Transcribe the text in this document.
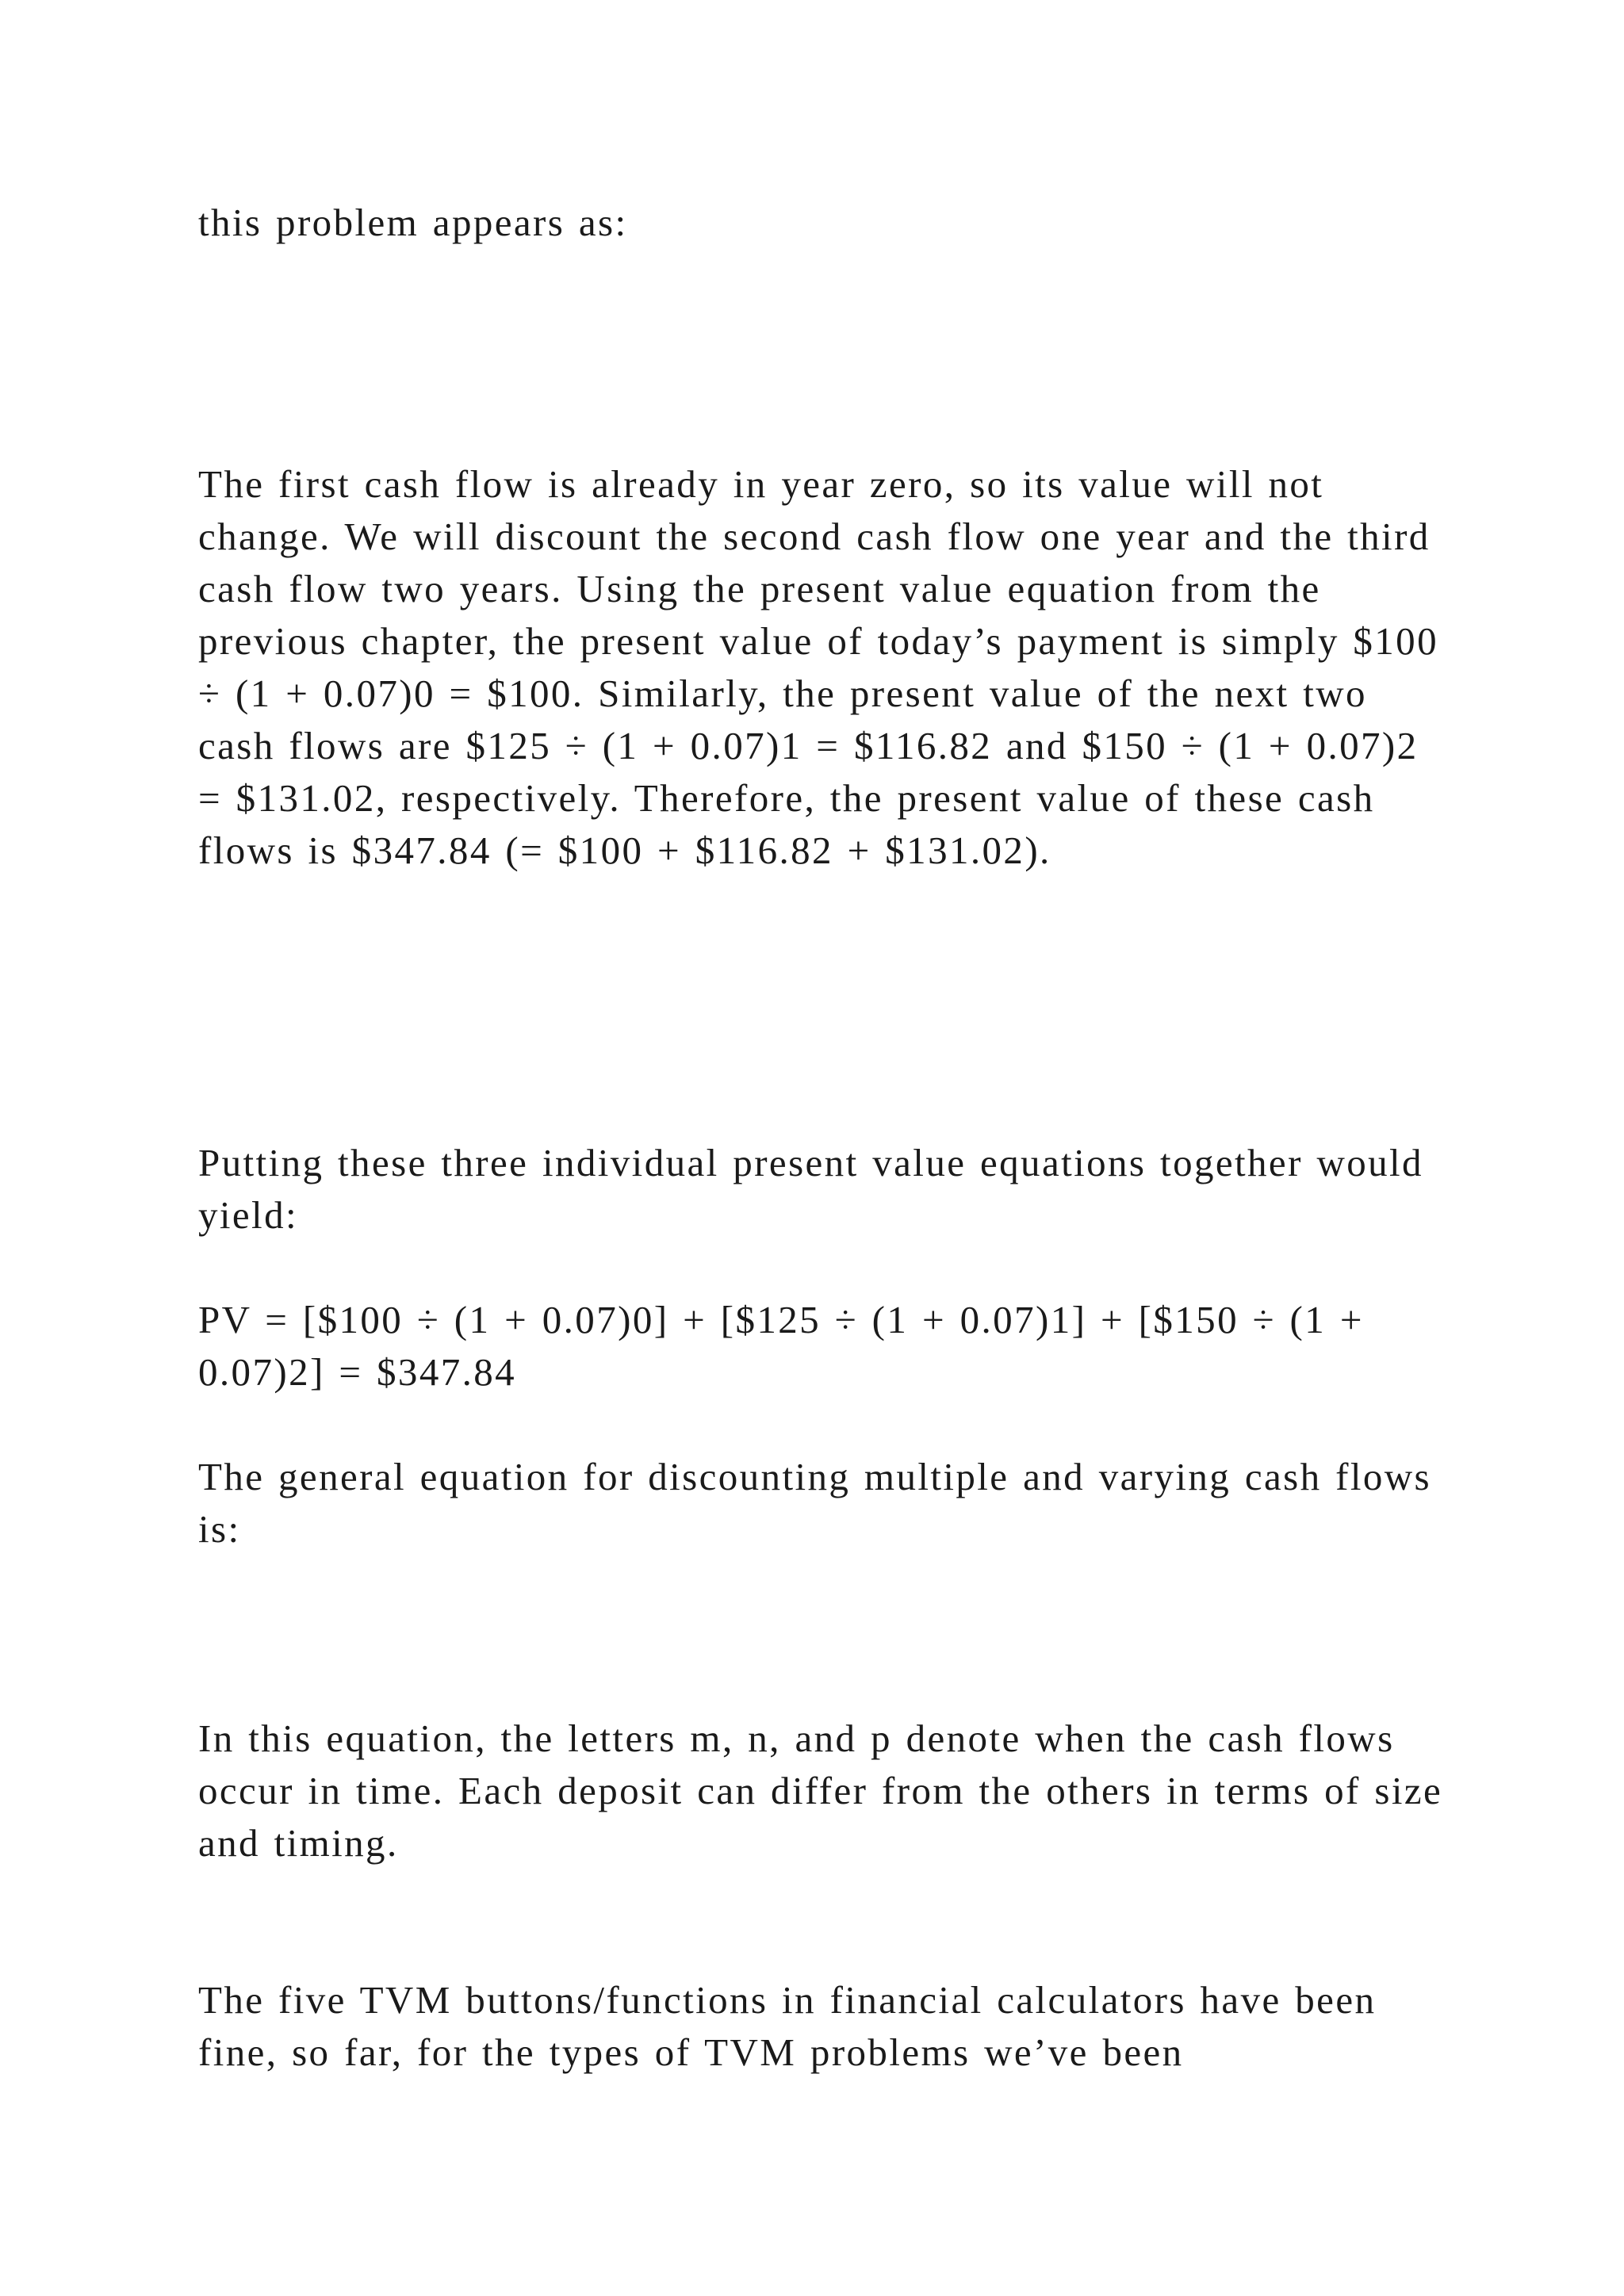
this problem appears as:

The first cash flow is already in year zero, so its value will not change. We will discount the second cash flow one year and the third cash flow two years. Using the present value equation from the previous chapter, the present value of today’s payment is simply $100 ÷ (1 + 0.07)0 = $100. Similarly, the present value of the next two cash flows are $125 ÷ (1 + 0.07)1 = $116.82 and $150 ÷ (1 + 0.07)2 = $131.02, respectively. Therefore, the present value of these cash flows is $347.84 (= $100 + $116.82 + $131.02).

Putting these three individual present value equations together would yield:

PV = [$100 ÷ (1 + 0.07)0] + [$125 ÷ (1 + 0.07)1] + [$150 ÷ (1 + 0.07)2] = $347.84

The general equation for discounting multiple and varying cash flows is:

In this equation, the letters m, n, and p denote when the cash flows occur in time. Each deposit can differ from the others in terms of size and timing.

The five TVM buttons/functions in financial calculators have been fine, so far, for the types of TVM problems we’ve been
